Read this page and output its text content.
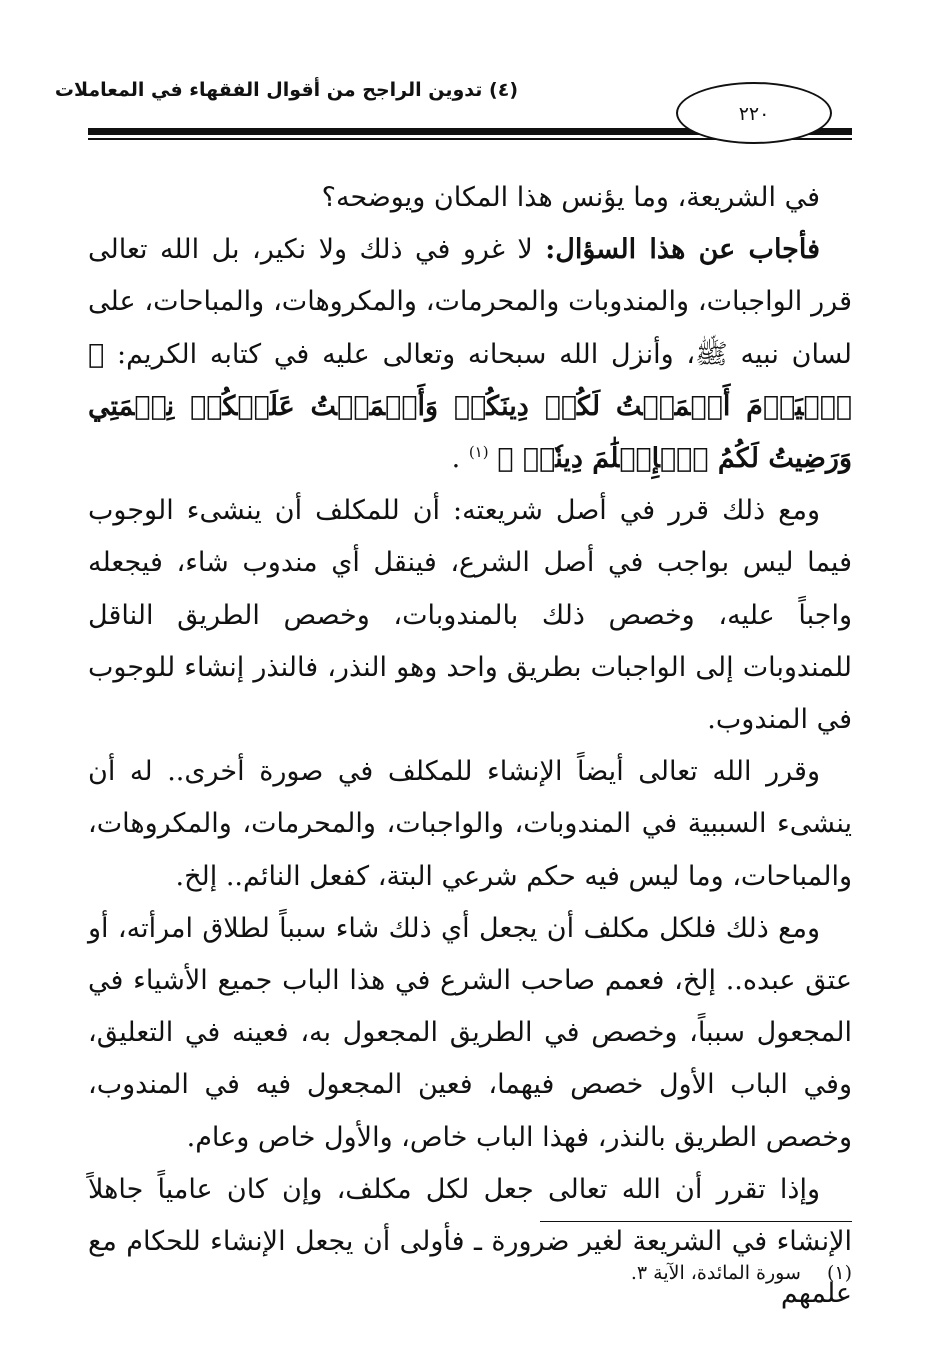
(٤) تدوين الراجح من أقوال الفقهاء في المعاملات
٢٢٠

في الشريعة، وما يؤنس هذا المكان ويوضحه؟

فأجاب عن هذا السؤال: لا غرو في ذلك ولا نكير، بل الله تعالى قرر الواجبات، والمندوبات والمحرمات، والمكروهات، والمباحات، على لسان نبيه ﷺ، وأنزل الله سبحانه وتعالى عليه في كتابه الكريم: ﴿ ٱلۡيَوۡمَ أَكۡمَلۡتُ لَكُمۡ دِينَكُمۡ وَأَتۡمَمۡتُ عَلَيۡكُمۡ نِعۡمَتِي وَرَضِيتُ لَكُمُ ٱلۡإِسۡلَٰمَ دِينٗاۚ ﴾ $^{(١)}$ .

ومع ذلك قرر في أصل شريعته: أن للمكلف أن ينشىء الوجوب فيما ليس بواجب في أصل الشرع، فينقل أي مندوب شاء، فيجعله واجباً عليه، وخصص ذلك بالمندوبات، وخصص الطريق الناقل للمندوبات إلى الواجبات بطريق واحد وهو النذر، فالنذر إنشاء للوجوب في المندوب.

وقرر الله تعالى أيضاً الإنشاء للمكلف في صورة أخرى.. له أن ينشىء السببية في المندوبات، والواجبات، والمحرمات، والمكروهات، والمباحات، وما ليس فيه حكم شرعي البتة، كفعل النائم.. إلخ.

ومع ذلك فلكل مكلف أن يجعل أي ذلك شاء سبباً لطلاق امرأته، أو عتق عبده.. إلخ، فعمم صاحب الشرع في هذا الباب جميع الأشياء في المجعول سبباً، وخصص في الطريق المجعول به، فعينه في التعليق، وفي الباب الأول خصص فيهما، فعين المجعول فيه في المندوب، وخصص الطريق بالنذر، فهذا الباب خاص، والأول خاص وعام.

وإذا تقرر أن الله تعالى جعل لكل مكلف، وإن كان عامياً جاهلاً الإنشاء في الشريعة لغير ضرورة ـ فأولى أن يجعل الإنشاء للحكام مع علمهم

(١) سورة المائدة، الآية ٣.
